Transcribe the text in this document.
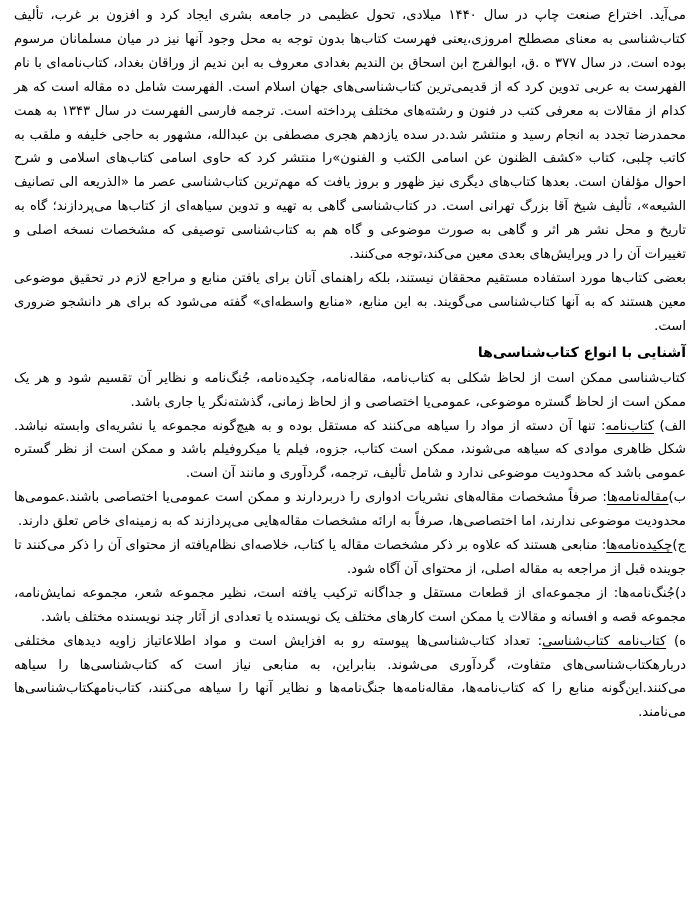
می‌آید. اختراع صنعت چاپ در سال ۱۴۴۰ میلادی، تحول عظیمی در جامعه بشری ایجاد کرد و افزون بر غرب، تألیف کتاب‌شناسی به معنای مصطلح امروزی،یعنی فهرست کتاب‌ها بدون توجه به محل وجود آنها نیز در میان مسلمانان مرسوم بوده است. در سال ۳۷۷ ه .ق، ابوالفرج ابن اسحاق بن الندیم بغدادی معروف به ابن ندیم از وراقان بغداد، کتاب‌نامه‌ای با نام الفهرست به عربی تدوین کرد که از قدیمی‌ترین کتاب‌شناسی‌های جهان اسلام است. الفهرست شامل ده مقاله است که هر کدام از مقالات به معرفی کتب در فنون و رشته‌های مختلف پرداخته است. ترجمه فارسی الفهرست در سال ۱۳۴۳ به همت محمدرضا تجدد به انجام رسید و منتشر شد.در سده یازدهم هجری مصطفی بن عبدالله، مشهور به حاجی خلیفه و ملقب به کاتب چلبی، کتاب «کشف الظنون عن اسامی الکتب و الفنون»را منتشر کرد که حاوی اسامی کتاب‌های اسلامی و شرح احوال مؤلفان است. بعدها کتاب‌های دیگری نیز ظهور و بروز یافت که مهم‌ترین کتاب‌شناسی عصر ما «الذریعه الی تصانیف الشیعه»، تألیف شیخ آقا بزرگ تهرانی است. در کتاب‌شناسی گاهی به تهیه و تدوین سیاهه‌ای از کتاب‌ها می‌پردازند؛ گاه به تاریخ و محل نشر هر اثر و گاهی به صورت موضوعی و گاه هم به کتاب‌شناسی توصیفی که مشخصات نسخه اصلی و تغییرات آن را در ویرایش‌های بعدی معین می‌کند،توجه می‌کنند.

بعضی کتاب‌ها مورد استفاده مستقیم محققان نیستند، بلکه راهنمای آنان برای یافتن منابع و مراجع لازم در تحقیق موضوعی معین هستند که به آنها کتاب‌شناسی می‌گویند. به این منابع، «منابع واسطه‌ای» گفته می‌شود که برای هر دانشجو ضروری است.

آشنایی با انواع کتاب‌شناسی‌ها

کتاب‌شناسی ممکن است از لحاظ شکلی به کتاب‌نامه، مقاله‌نامه، چکیده‌نامه، جُنگ‌نامه و نظایر آن تقسیم شود و هر یک ممکن است از لحاظ گستره موضوعی، عمومی‌یا اختصاصی و از لحاظ زمانی، گذشته‌نگر یا جاری باشد.

الف) کتاب‌نامه: تنها آن دسته از مواد را سیاهه می‌کنند که مستقل بوده و به هیچ‌گونه مجموعه یا نشریه‌ای وابسته نباشد. شکل ظاهری موادی که سیاهه می‌شوند، ممکن است کتاب، جزوه، فیلم یا میکروفیلم باشد و ممکن است از نظر گستره عمومی باشد که محدودیت موضوعی ندارد و شامل تألیف، ترجمه، گردآوری و مانند آن است.

ب)مقاله‌نامه‌ها: صرفاً مشخصات مقاله‌های نشریات ادواری را دربردارند و ممکن است عمومی‌یا اختصاصی باشند.عمومی‌ها محدودیت موضوعی ندارند، اما اختصاصی‌ها، صرفاً به ارائه مشخصات مقاله‌هایی می‌پردازند که به زمینه‌ای خاص تعلق دارند.

ج)چکیده‌نامه‌ها: منابعی هستند که علاوه بر ذکر مشخصات مقاله یا کتاب، خلاصه‌ای نظام‌یافته از محتوای آن را ذکر می‌کنند تا جوینده قبل از مراجعه به مقاله اصلی، از محتوای آن آگاه شود.

د)جُنگ‌نامه‌ها: از مجموعه‌ای از قطعات مستقل و جداگانه ترکیب یافته است، نظیر مجموعه شعر، مجموعه نمایش‌نامه، مجموعه قصه و افسانه و مقالات یا ممکن است کارهای مختلف یک نویسنده یا تعدادی از آثار چند نویسنده مختلف باشد.

ه) کتاب‌نامه کتاب‌شناسی: تعداد کتاب‌شناسی‌ها پیوسته رو به افزایش است و مواد اطلاعاتیاز زاویه دیدهای مختلفی دربارهکتاب‌شناسی‌های متفاوت، گردآوری می‌شوند. بنابراین، به منابعی نیاز است که کتاب‌شناسی‌ها را سیاهه می‌کنند.این‌گونه منابع را که کتاب‌نامه‌ها، مقاله‌نامه‌ها جنگ‌نامه‌ها و نظایر آنها را سیاهه می‌کنند، کتاب‌نامهکتاب‌شناسی‌ها می‌نامند.
